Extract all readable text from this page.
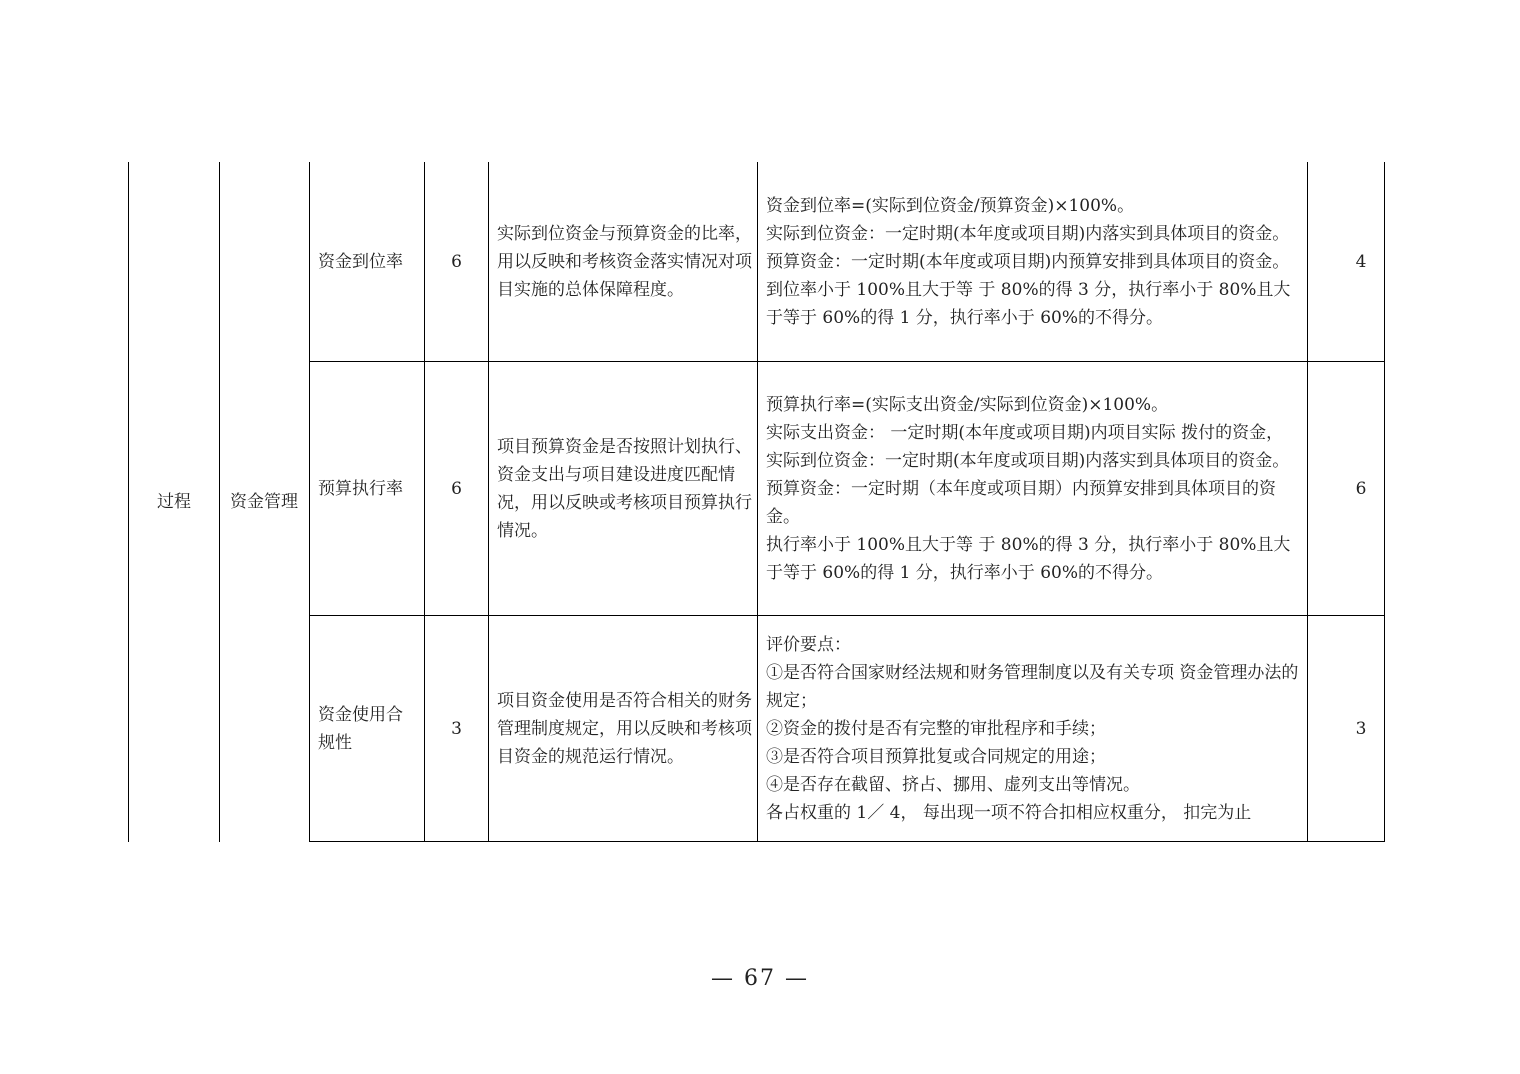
过程 资金管理
资金到位率	6
实际到位资金与预算资金的比率，用以反映和考核资金落实情况对项目实施的总体保障程度。
资金到位率=(实际到位资金/预算资金)×100%。
实际到位资金：一定时期(本年度或项目期)内落实到具体项目的资金。
预算资金：一定时期(本年度或项目期)内预算安排到具体项目的资金。
到位率小于 100%且大于等 于 80%的得 3 分，执行率小于 80%且大于等于 60%的得 1 分，执行率小于 60%的不得分。
4
预算执行率	6
项目预算资金是否按照计划执行、资金支出与项目建设进度匹配情况，用以反映或考核项目预算执行情况。
预算执行率=(实际支出资金/实际到位资金)×100%。
实际支出资金： 一定时期(本年度或项目期)内项目实际 拨付的资金，
实际到位资金：一定时期(本年度或项目期)内落实到具体项目的资金。
预算资金：一定时期（本年度或项目期）内预算安排到具体项目的资金。
执行率小于 100%且大于等 于 80%的得 3 分，执行率小于 80%且大于等于 60%的得 1 分，执行率小于 60%的不得分。
6
资金使用合规性
3
项目资金使用是否符合相关的财务管理制度规定，用以反映和考核项目资金的规范运行情况。
评价要点：
①是否符合国家财经法规和财务管理制度以及有关专项 资金管理办法的规定；
②资金的拨付是否有完整的审批程序和手续；
③是否符合项目预算批复或合同规定的用途；
④是否存在截留、挤占、挪用、虚列支出等情况。
各占权重的 1／ 4， 每出现一项不符合扣相应权重分， 扣完为止
3
— 67 —
